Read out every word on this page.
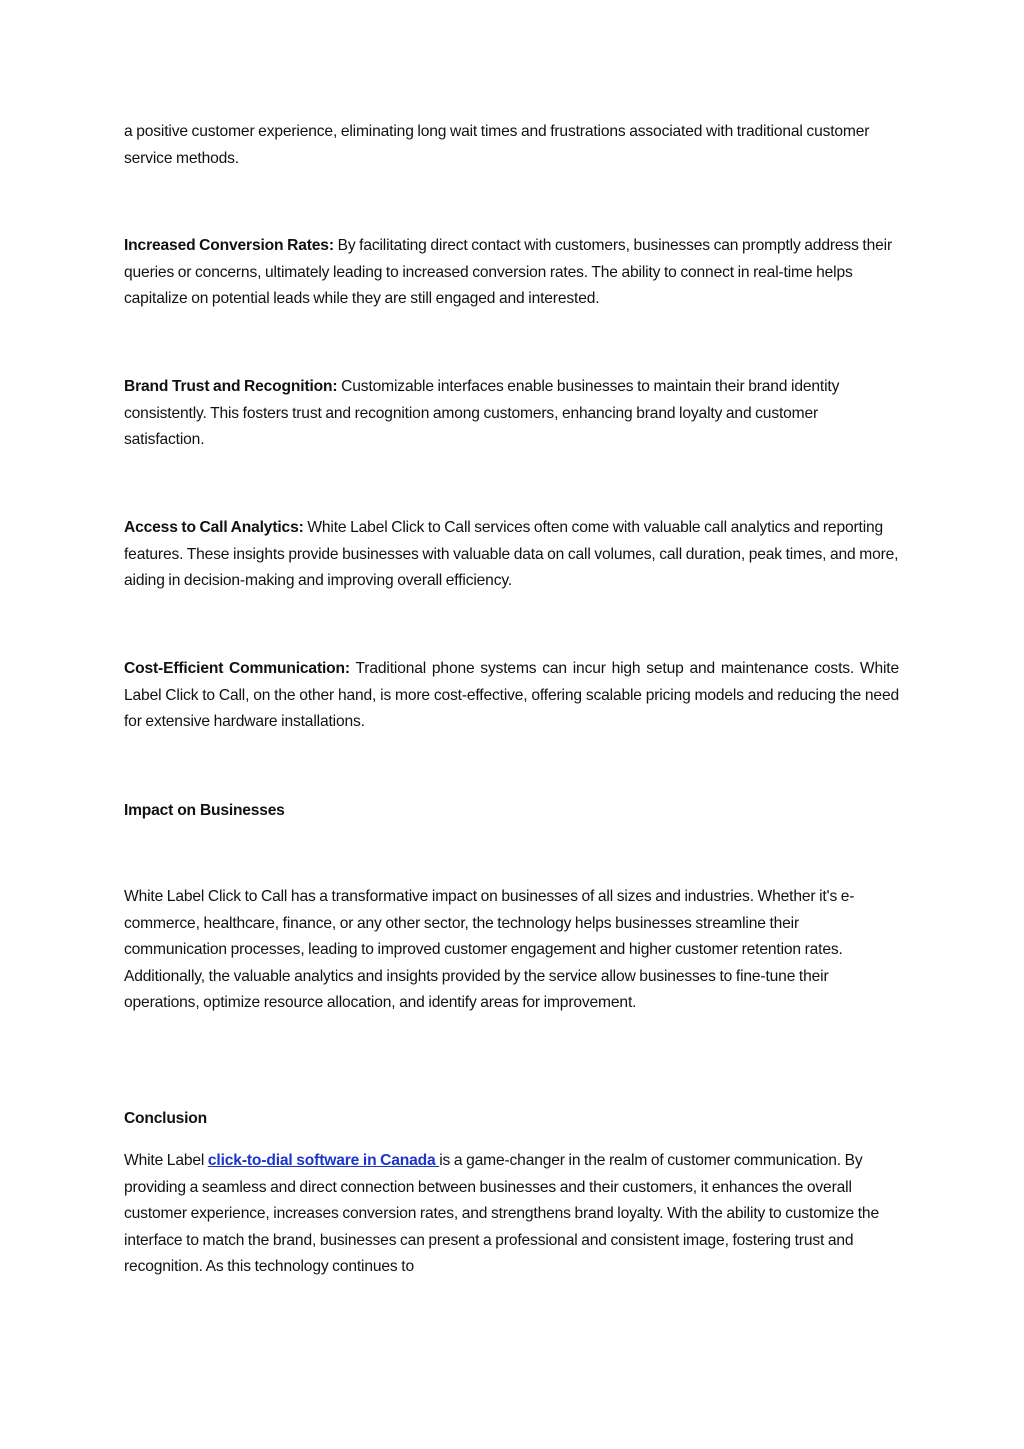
a positive customer experience, eliminating long wait times and frustrations associated with traditional customer service methods.

Increased Conversion Rates: By facilitating direct contact with customers, businesses can promptly address their queries or concerns, ultimately leading to increased conversion rates. The ability to connect in real-time helps capitalize on potential leads while they are still engaged and interested.

Brand Trust and Recognition: Customizable interfaces enable businesses to maintain their brand identity consistently. This fosters trust and recognition among customers, enhancing brand loyalty and customer satisfaction.

Access to Call Analytics: White Label Click to Call services often come with valuable call analytics and reporting features. These insights provide businesses with valuable data on call volumes, call duration, peak times, and more, aiding in decision-making and improving overall efficiency.

Cost-Efficient Communication: Traditional phone systems can incur high setup and maintenance costs. White Label Click to Call, on the other hand, is more cost-effective, offering scalable pricing models and reducing the need for extensive hardware installations.

Impact on Businesses

White Label Click to Call has a transformative impact on businesses of all sizes and industries. Whether it's e-commerce, healthcare, finance, or any other sector, the technology helps businesses streamline their communication processes, leading to improved customer engagement and higher customer retention rates. Additionally, the valuable analytics and insights provided by the service allow businesses to fine-tune their operations, optimize resource allocation, and identify areas for improvement.

Conclusion

White Label click-to-dial software in Canada is a game-changer in the realm of customer communication. By providing a seamless and direct connection between businesses and their customers, it enhances the overall customer experience, increases conversion rates, and strengthens brand loyalty. With the ability to customize the interface to match the brand, businesses can present a professional and consistent image, fostering trust and recognition. As this technology continues to
